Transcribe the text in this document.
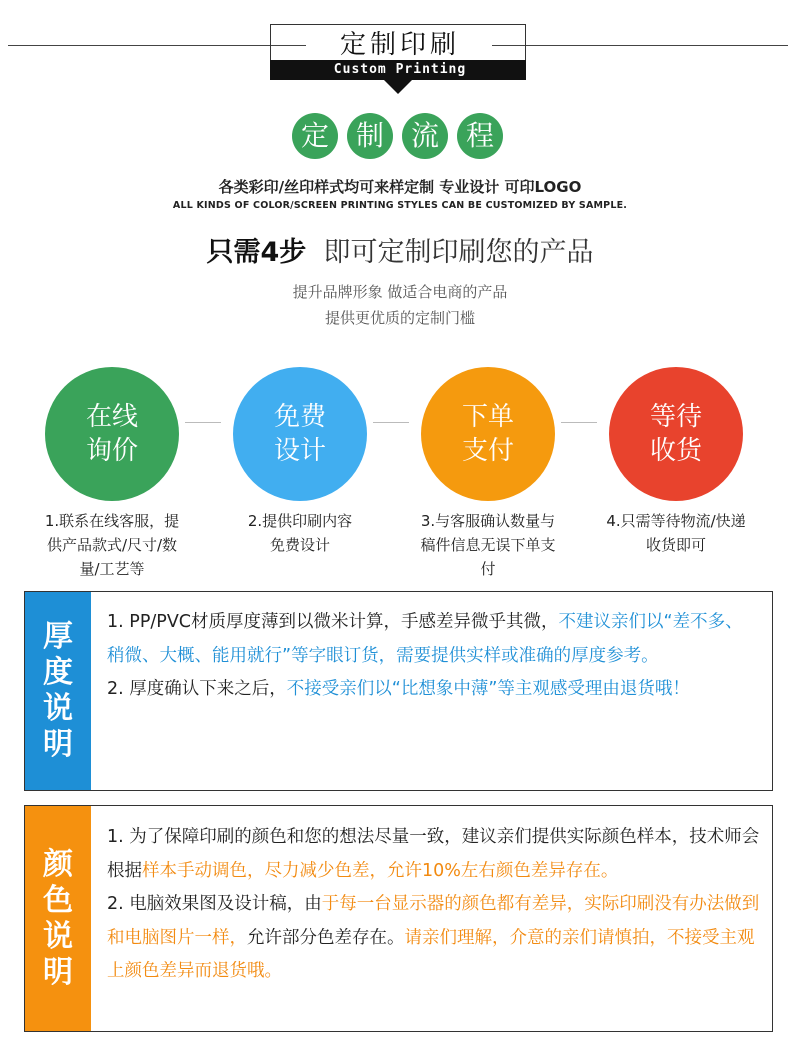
定制印刷
Custom Printing
定 制 流 程
各类彩印/丝印样式均可来样定制 专业设计 可印LOGO
ALL KINDS OF COLOR/SCREEN PRINTING STYLES CAN BE CUSTOMIZED BY SAMPLE.
只需4步 即可定制印刷您的产品
提升品牌形象 做适合电商的产品
提供更优质的定制门槛
在线
询价
免费
设计
下单
支付
等待
收货
1.联系在线客服，提
供产品款式/尺寸/数
量/工艺等
2.提供印刷内容
免费设计
3.与客服确认数量与
稿件信息无误下单支
付
4.只需等待物流/快递
收货即可
厚
度
说
明
1. PP/PVC材质厚度薄到以微米计算，手感差异微乎其微，不建议亲们以“差不多、稍微、大概、能用就行”等字眼订货，需要提供实样或准确的厚度参考。
2. 厚度确认下来之后，不接受亲们以“比想象中薄”等主观感受理由退货哦！
颜
色
说
明
1. 为了保障印刷的颜色和您的想法尽量一致，建议亲们提供实际颜色样本，技术师会根据样本手动调色，尽力减少色差，允许10%左右颜色差异存在。
2. 电脑效果图及设计稿，由于每一台显示器的颜色都有差异，实际印刷没有办法做到和电脑图片一样，允许部分色差存在。请亲们理解，介意的亲们请慎拍，不接受主观上颜色差异而退货哦。
